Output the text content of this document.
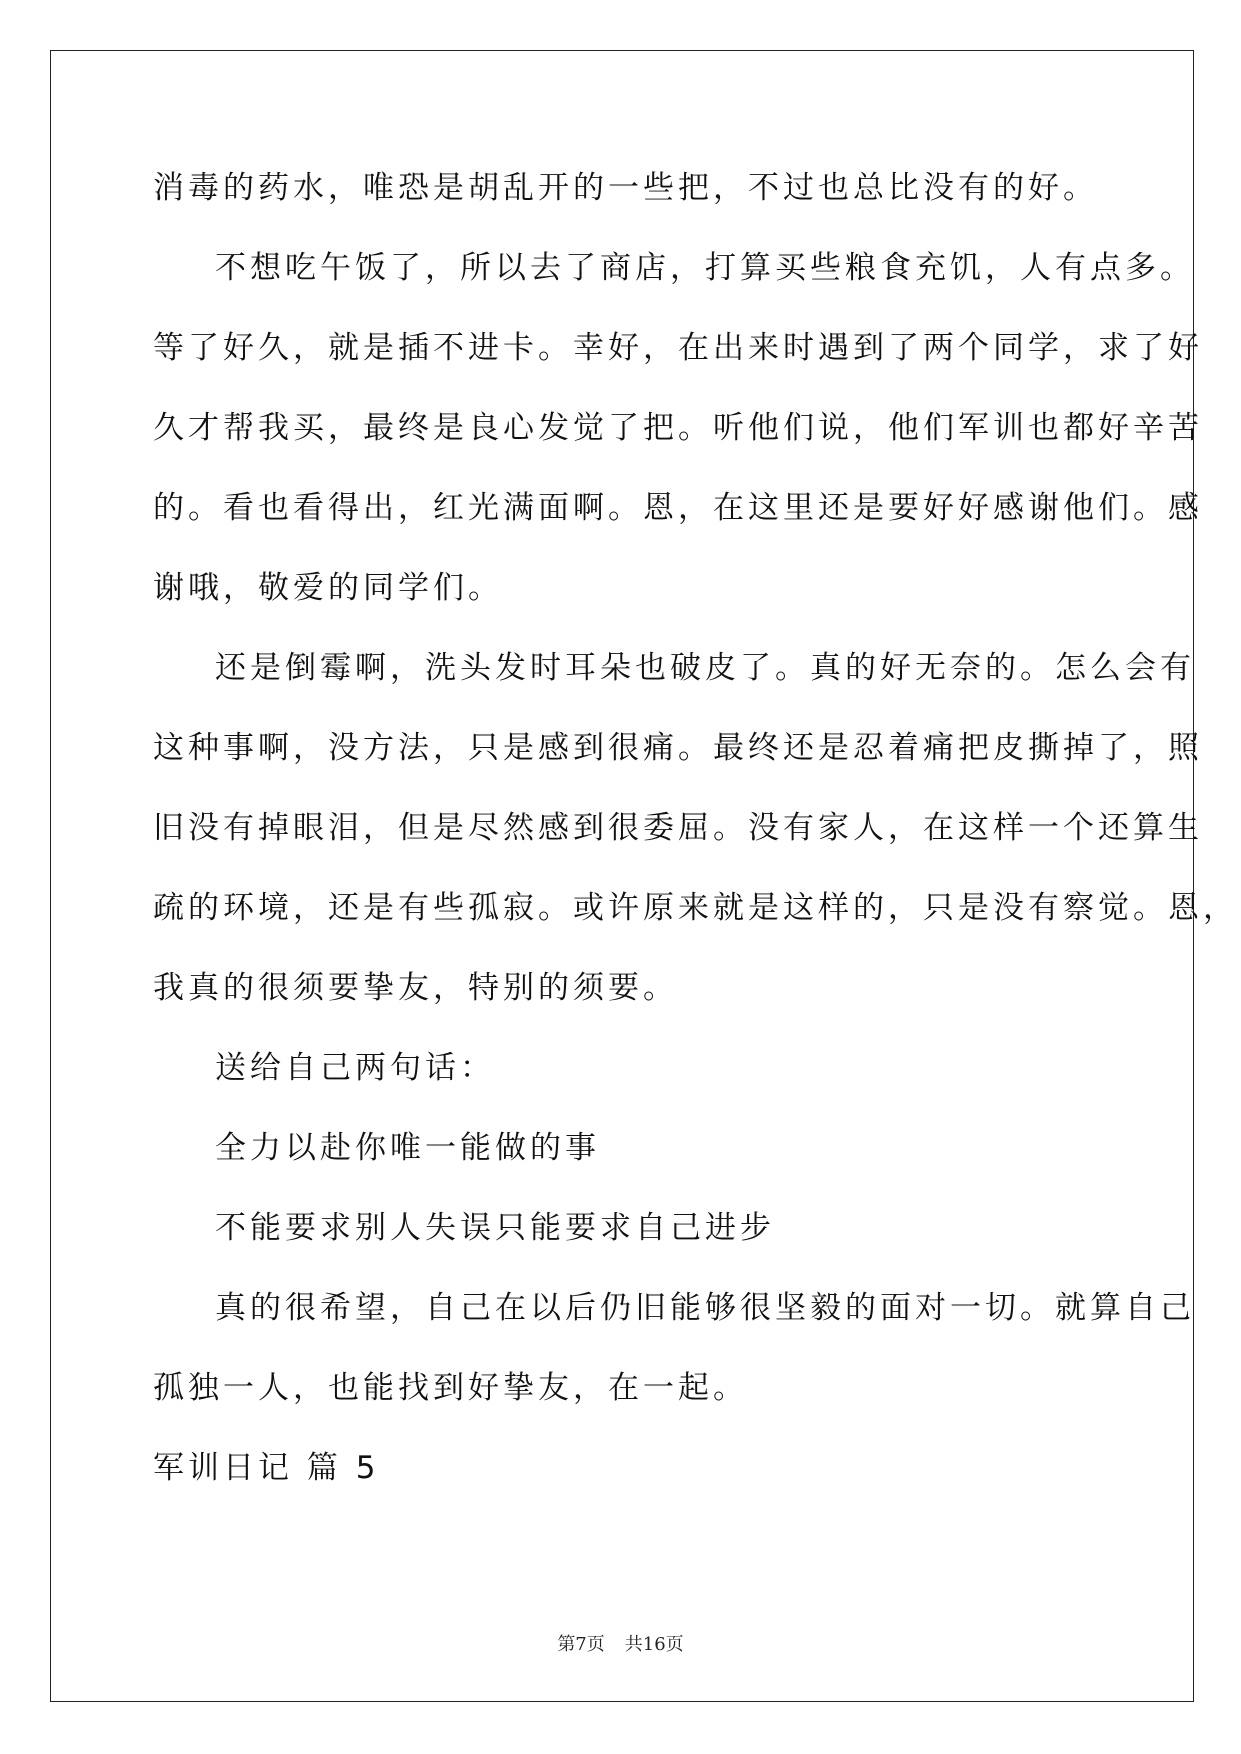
消毒的药水，唯恐是胡乱开的一些把，不过也总比没有的好。
不想吃午饭了，所以去了商店，打算买些粮食充饥，人有点多。
等了好久，就是插不进卡。幸好，在出来时遇到了两个同学，求了好
久才帮我买，最终是良心发觉了把。听他们说，他们军训也都好辛苦
的。看也看得出，红光满面啊。恩，在这里还是要好好感谢他们。感
谢哦，敬爱的同学们。
还是倒霉啊，洗头发时耳朵也破皮了。真的好无奈的。怎么会有
这种事啊，没方法，只是感到很痛。最终还是忍着痛把皮撕掉了，照
旧没有掉眼泪，但是尽然感到很委屈。没有家人，在这样一个还算生
疏的环境，还是有些孤寂。或许原来就是这样的，只是没有察觉。恩，
我真的很须要挚友，特别的须要。
送给自己两句话：
全力以赴你唯一能做的事
不能要求别人失误只能要求自己进步
真的很希望，自己在以后仍旧能够很坚毅的面对一切。就算自己
孤独一人，也能找到好挚友，在一起。
军训日记 篇 5
第7页 共16页
